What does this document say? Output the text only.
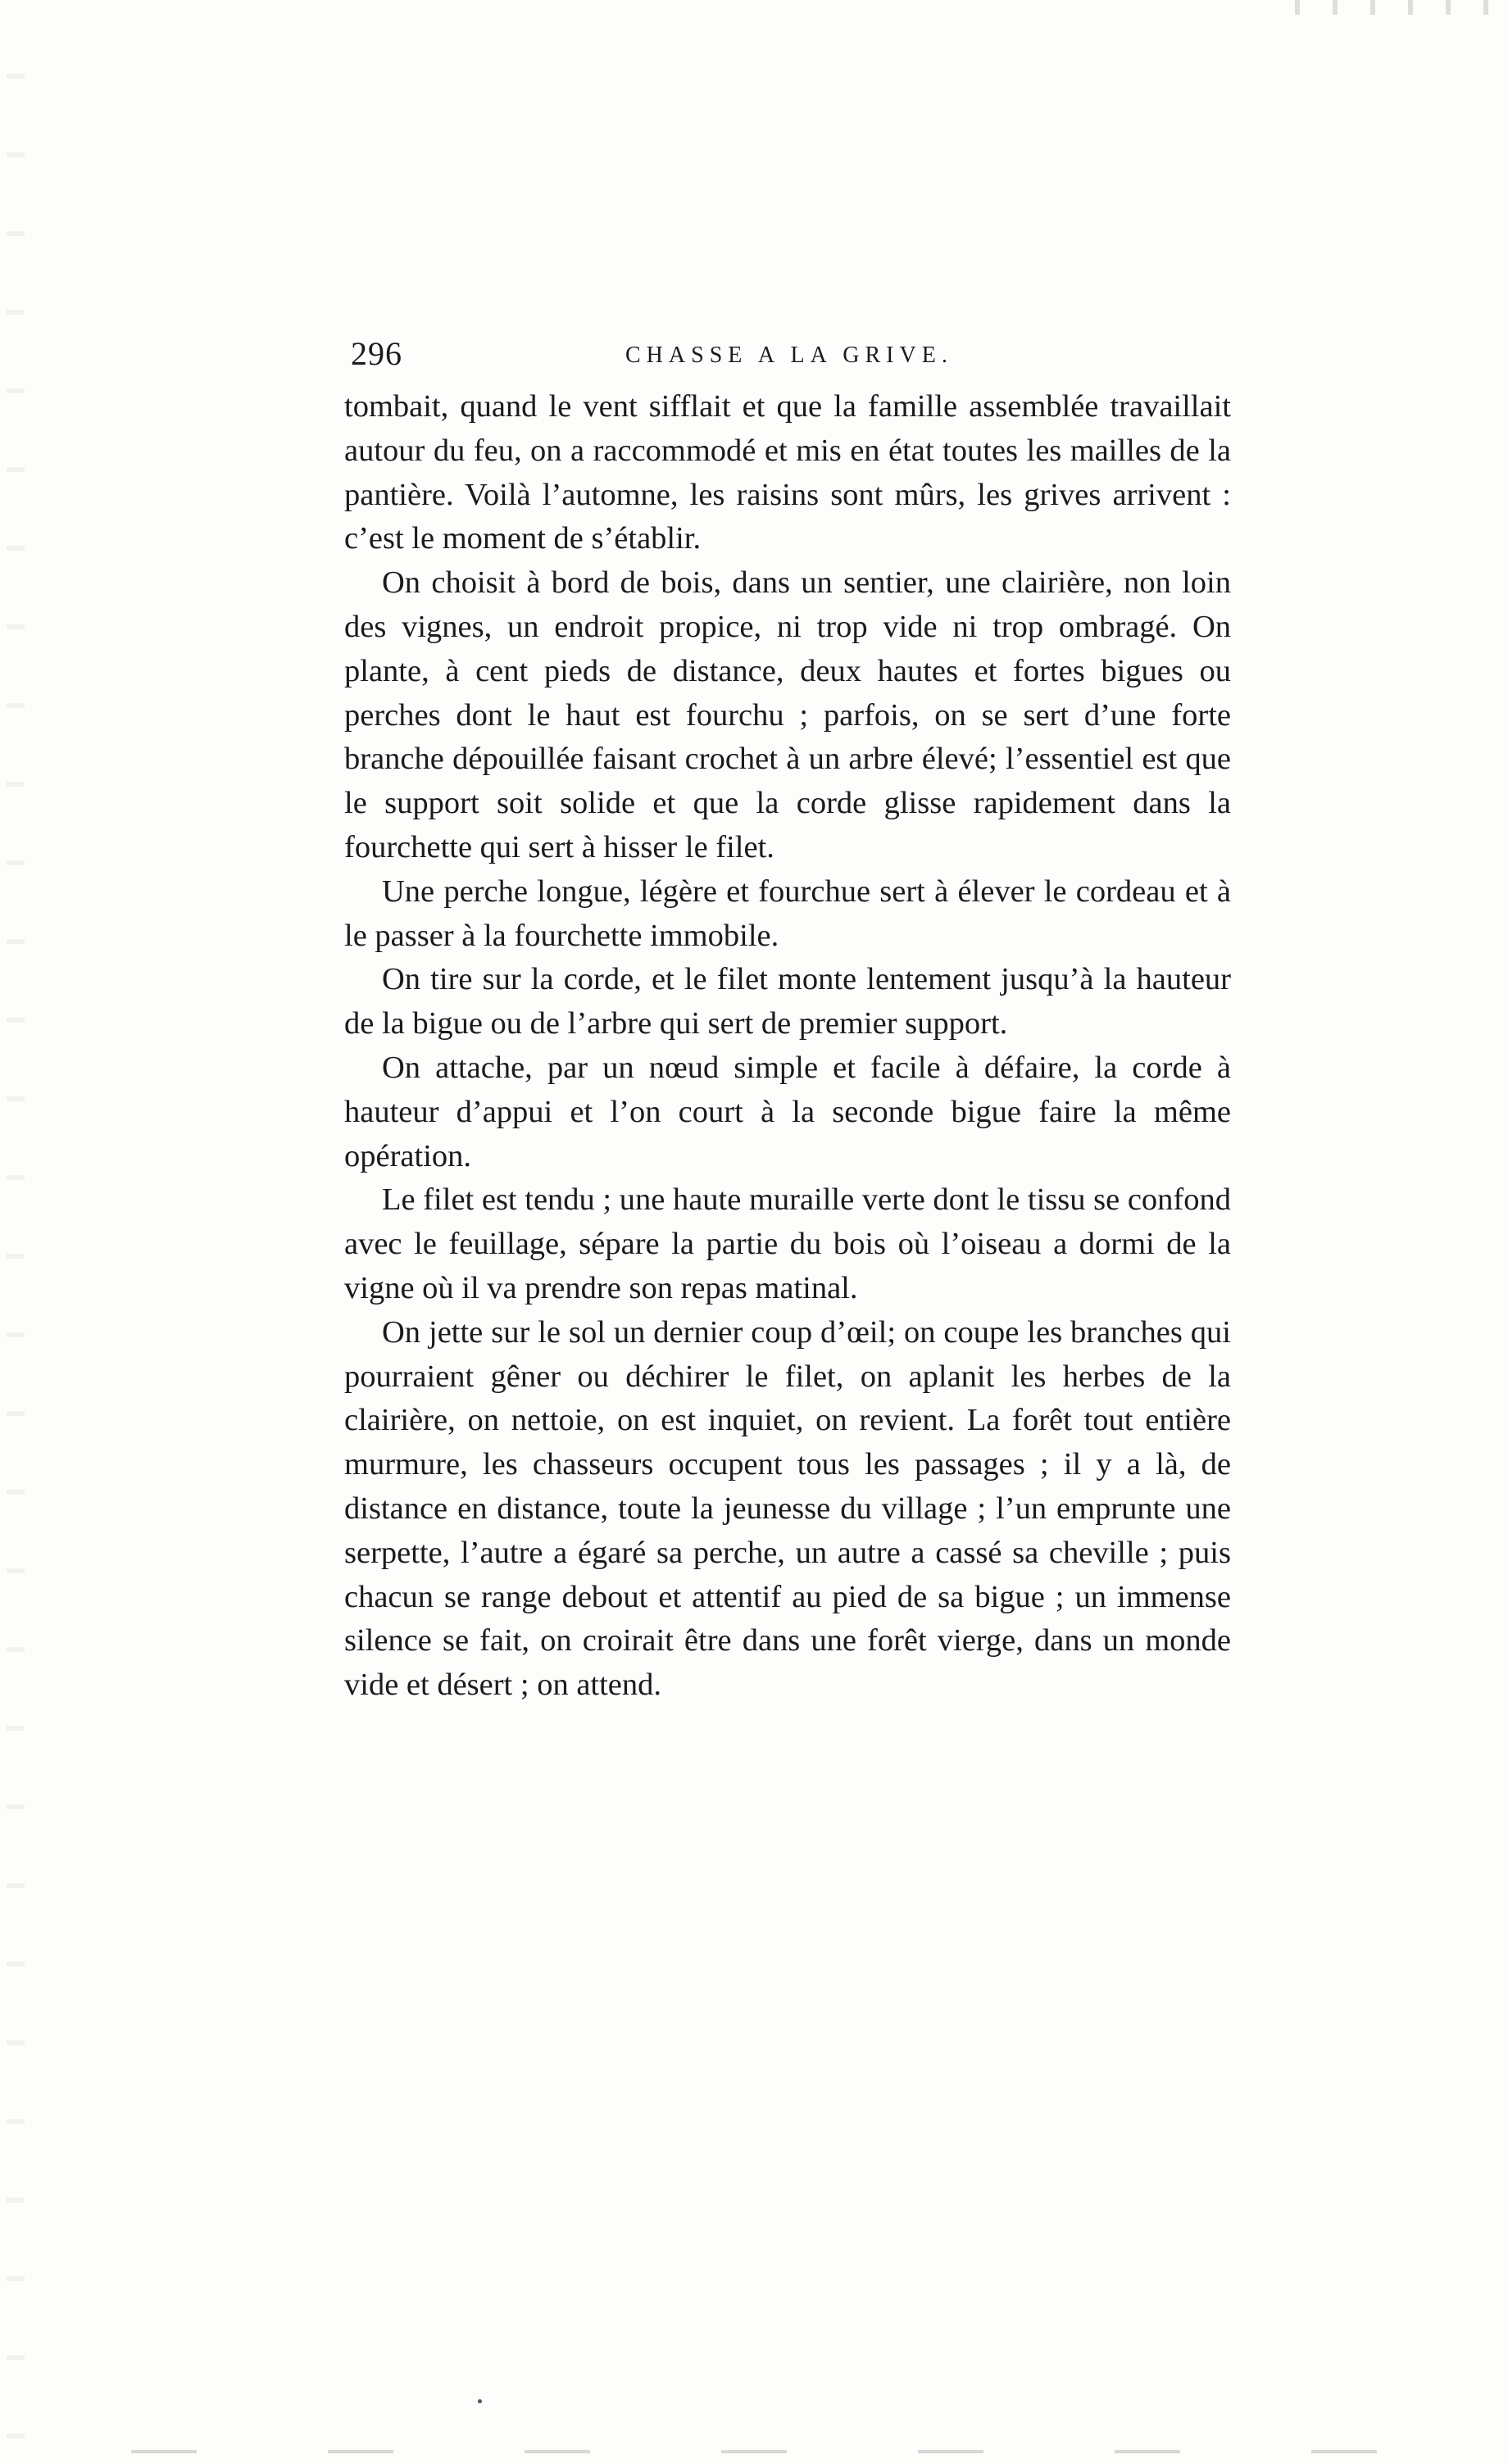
296	CHASSE A LA GRIVE.

tombait, quand le vent sifflait et que la famille assemblée travaillait autour du feu, on a raccommodé et mis en état toutes les mailles de la pantière. Voilà l’automne, les raisins sont mûrs, les grives arrivent : c’est le moment de s’établir.

On choisit à bord de bois, dans un sentier, une clairière, non loin des vignes, un endroit propice, ni trop vide ni trop ombragé. On plante, à cent pieds de distance, deux hautes et fortes bigues ou perches dont le haut est fourchu ; parfois, on se sert d’une forte branche dépouillée faisant crochet à un arbre élevé; l’essentiel est que le support soit solide et que la corde glisse rapidement dans la fourchette qui sert à hisser le filet.

Une perche longue, légère et fourchue sert à élever le cordeau et à le passer à la fourchette immobile.

On tire sur la corde, et le filet monte lentement jusqu’à la hauteur de la bigue ou de l’arbre qui sert de premier support.

On attache, par un nœud simple et facile à défaire, la corde à hauteur d’appui et l’on court à la seconde bigue faire la même opération.

Le filet est tendu ; une haute muraille verte dont le tissu se confond avec le feuillage, sépare la partie du bois où l’oiseau a dormi de la vigne où il va prendre son repas matinal.

On jette sur le sol un dernier coup d’œil; on coupe les branches qui pourraient gêner ou déchirer le filet, on aplanit les herbes de la clairière, on nettoie, on est inquiet, on revient. La forêt tout entière murmure, les chasseurs occupent tous les passages ; il y a là, de distance en distance, toute la jeunesse du village ; l’un emprunte une serpette, l’autre a égaré sa perche, un autre a cassé sa cheville ; puis chacun se range debout et attentif au pied de sa bigue ; un immense silence se fait, on croirait être dans une forêt vierge, dans un monde vide et désert ; on attend.
